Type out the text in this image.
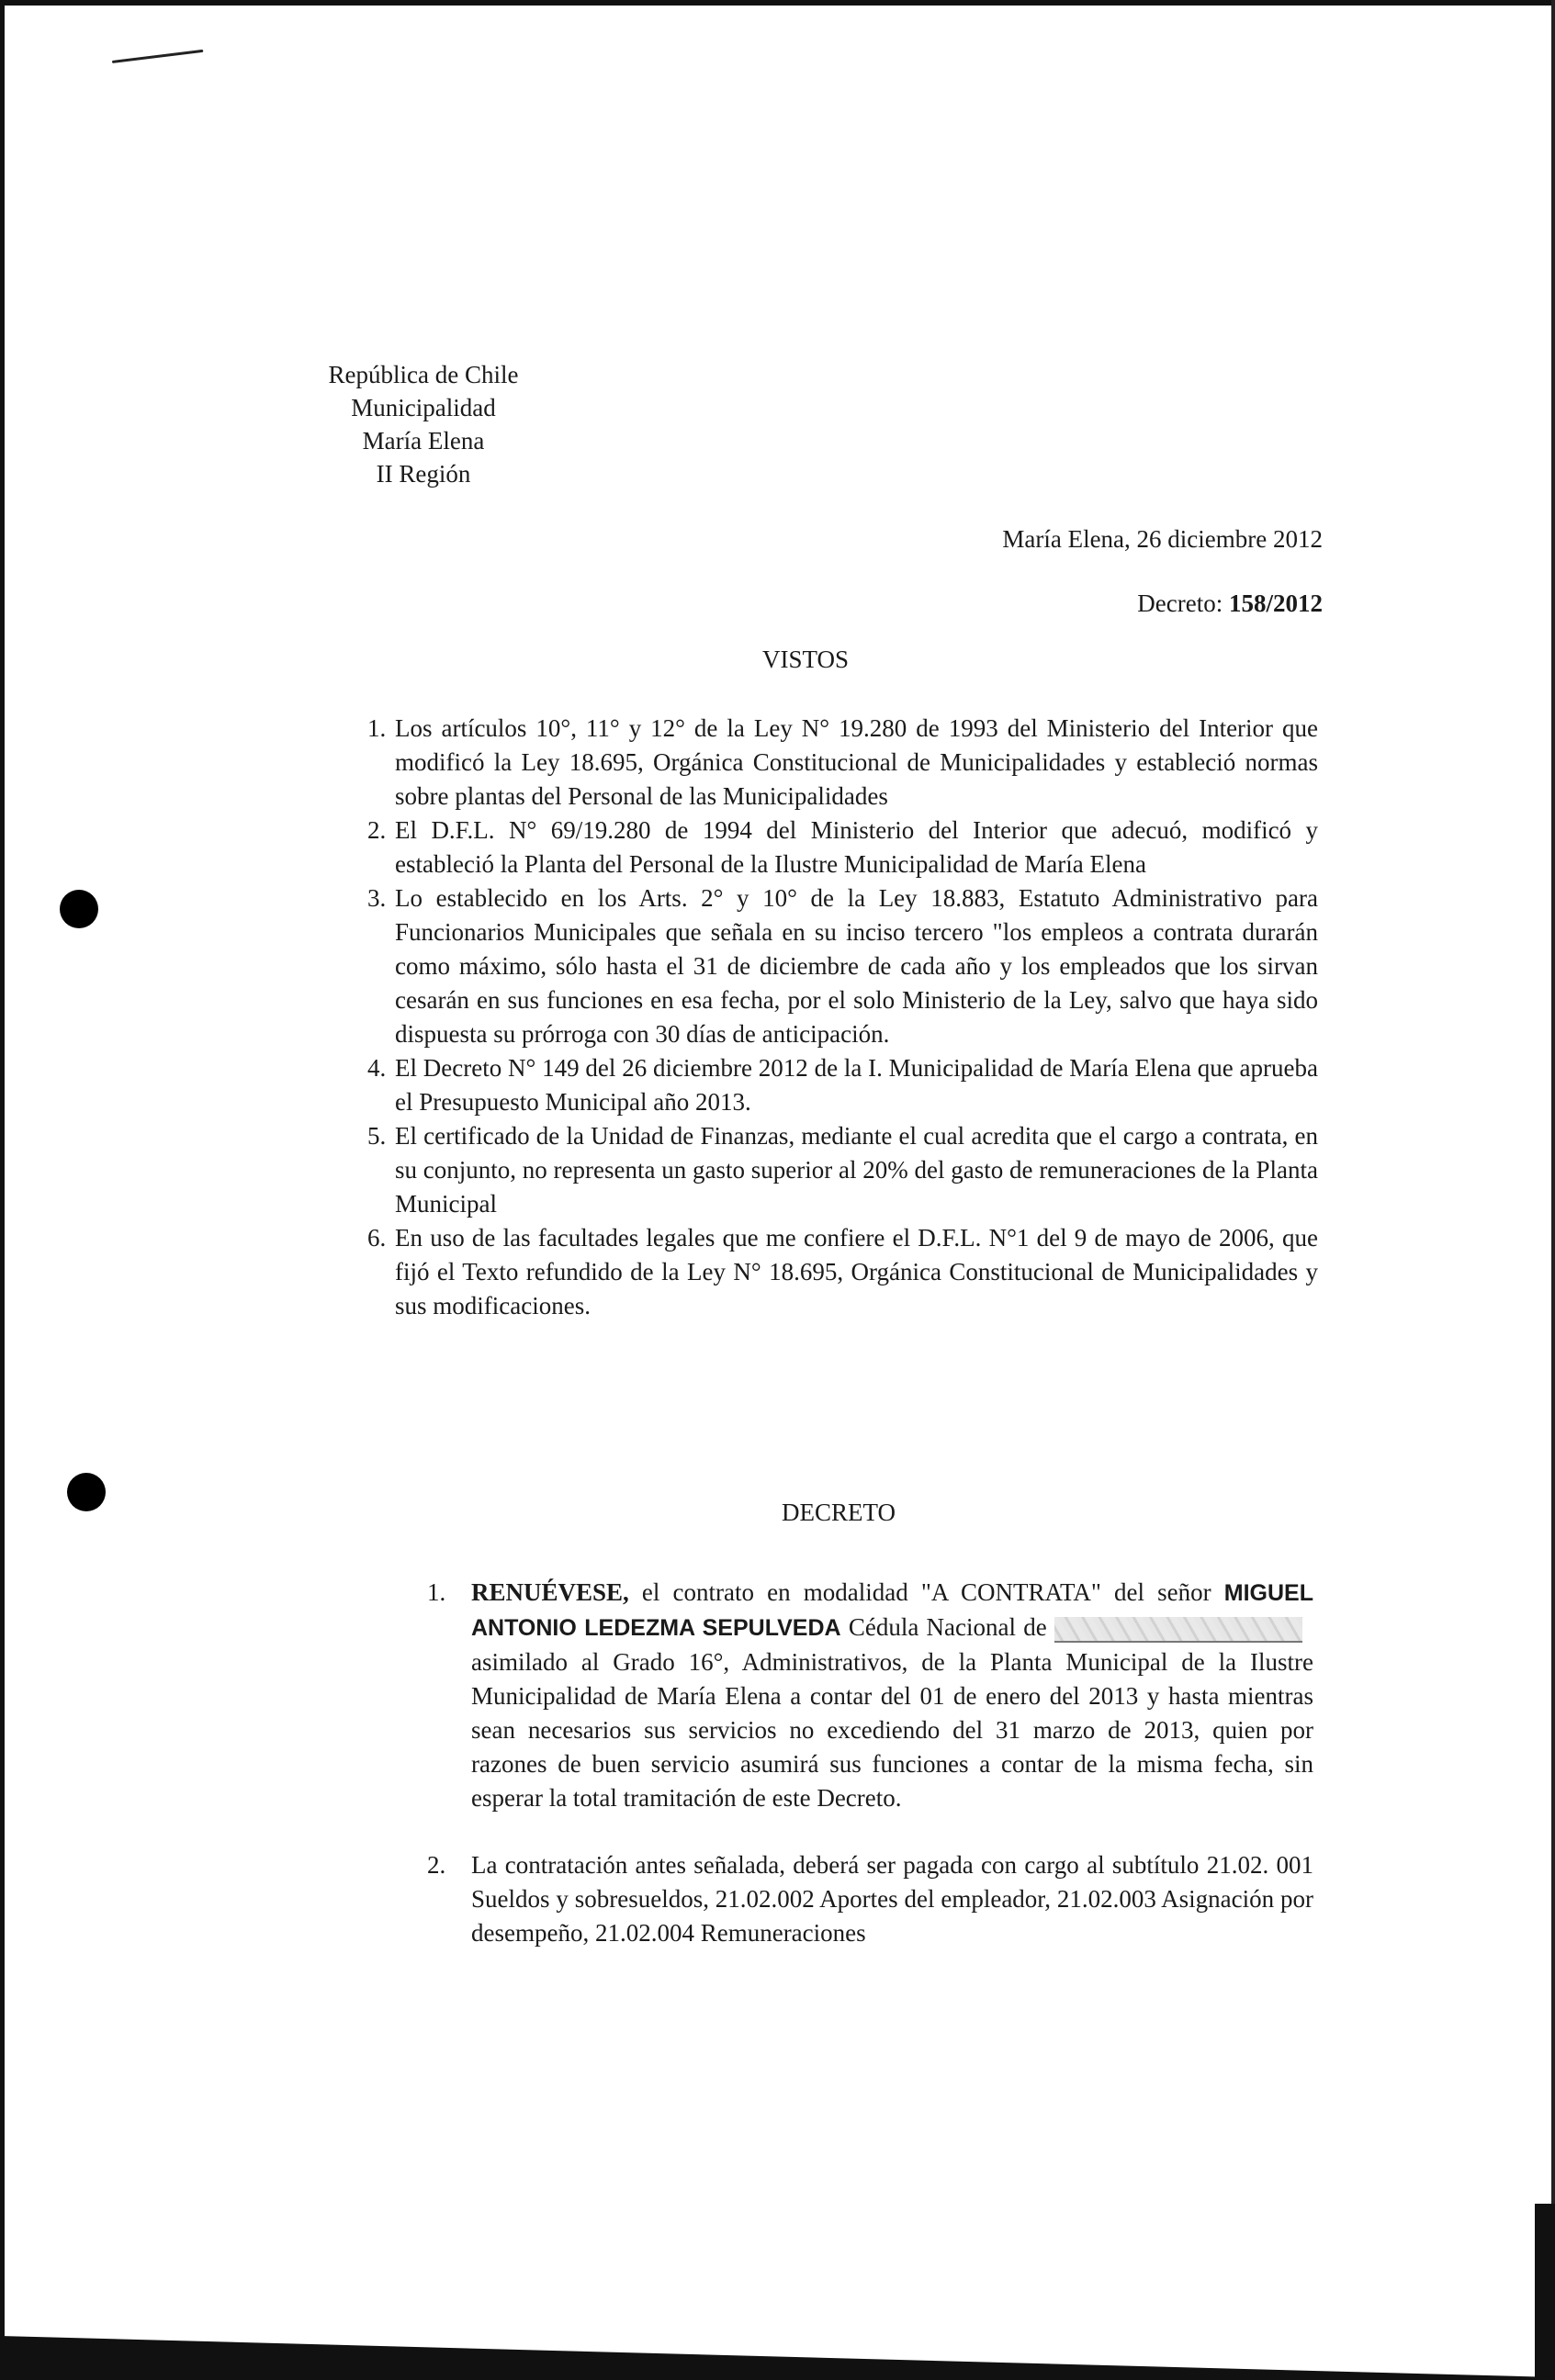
República de Chile
Municipalidad
María Elena
II Región
María Elena, 26 diciembre 2012
Decreto: 158/2012
VISTOS
1. Los artículos 10°, 11° y 12° de la Ley N° 19.280 de 1993 del Ministerio del Interior que modificó la Ley 18.695, Orgánica Constitucional de Municipalidades y estableció normas sobre plantas del Personal de las Municipalidades
2. El D.F.L. N° 69/19.280 de 1994 del Ministerio del Interior que adecuó, modificó y estableció la Planta del Personal de la Ilustre Municipalidad de María Elena
3. Lo establecido en los Arts. 2° y 10° de la Ley 18.883, Estatuto Administrativo para Funcionarios Municipales que señala en su inciso tercero "los empleos a contrata durarán como máximo, sólo hasta el 31 de diciembre de cada año y los empleados que los sirvan cesarán en sus funciones en esa fecha, por el solo Ministerio de la Ley, salvo que haya sido dispuesta su prórroga con 30 días de anticipación.
4. El Decreto N° 149 del 26 diciembre 2012 de la I. Municipalidad de María Elena que aprueba el Presupuesto Municipal año 2013.
5. El certificado de la Unidad de Finanzas, mediante el cual acredita que el cargo a contrata, en su conjunto, no representa un gasto superior al 20% del gasto de remuneraciones de la Planta Municipal
6. En uso de las facultades legales que me confiere el D.F.L. N°1 del 9 de mayo de 2006, que fijó el Texto refundido de la Ley N° 18.695, Orgánica Constitucional de Municipalidades y sus modificaciones.
DECRETO
1. RENUÉVESE, el contrato en modalidad "A CONTRATA" del señor MIGUEL ANTONIO LEDEZMA SEPULVEDA Cédula Nacional de asimilado al Grado 16°, Administrativos, de la Planta Municipal de la Ilustre Municipalidad de María Elena a contar del 01 de enero del 2013 y hasta mientras sean necesarios sus servicios no excediendo del 31 marzo de 2013, quien por razones de buen servicio asumirá sus funciones a contar de la misma fecha, sin esperar la total tramitación de este Decreto.
2. La contratación antes señalada, deberá ser pagada con cargo al subtítulo 21.02. 001 Sueldos y sobresueldos, 21.02.002 Aportes del empleador, 21.02.003 Asignación por desempeño, 21.02.004 Remuneraciones
